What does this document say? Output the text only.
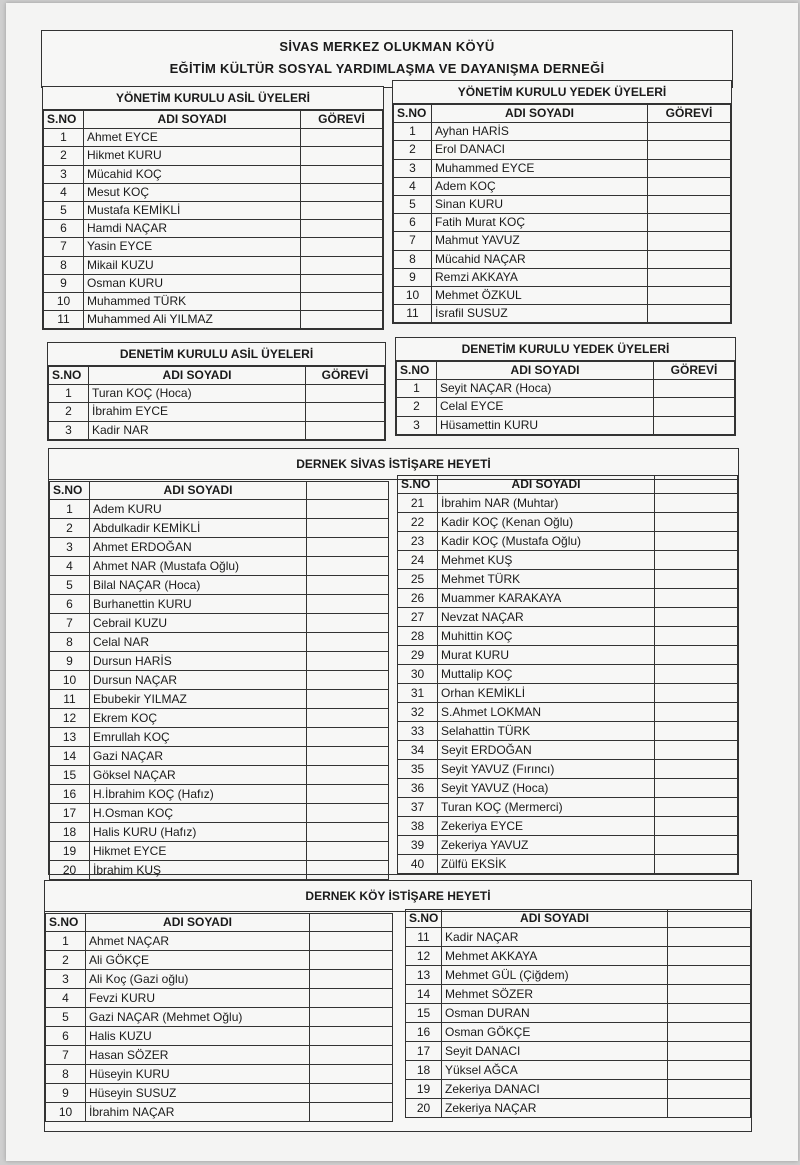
SİVAS MERKEZ OLUKMAN KÖYÜ
EĞİTİM KÜLTÜR SOSYAL YARDIMLAŞMA VE DAYANIŞMA DERNEĞİ
YÖNETİM KURULU ASİL ÜYELERİ
S.NO	ADI SOYADI	GÖREVİ
1	Ahmet EYCE	
2	Hikmet KURU	
3	Mücahid KOÇ	
4	Mesut KOÇ	
5	Mustafa KEMİKLİ	
6	Hamdi NAÇAR	
7	Yasin EYCE	
8	Mikail KUZU	
9	Osman KURU	
10	Muhammed TÜRK	
11	Muhammed Ali YILMAZ	
YÖNETİM KURULU YEDEK ÜYELERİ
S.NO	ADI SOYADI	GÖREVİ
1	Ayhan HARİS	
2	Erol DANACI	
3	Muhammed EYCE	
4	Adem KOÇ	
5	Sinan KURU	
6	Fatih Murat KOÇ	
7	Mahmut YAVUZ	
8	Mücahid NAÇAR	
9	Remzi AKKAYA	
10	Mehmet ÖZKUL	
11	İsrafil SUSUZ	
DENETİM KURULU ASİL ÜYELERİ
S.NO	ADI SOYADI	GÖREVİ
1	Turan KOÇ (Hoca)	
2	İbrahim EYCE	
3	Kadir NAR	
DENETİM KURULU YEDEK ÜYELERİ
S.NO	ADI SOYADI	GÖREVİ
1	Seyit NAÇAR (Hoca)	
2	Celal EYCE	
3	Hüsamettin KURU	
DERNEK SİVAS İSTİŞARE HEYETİ
S.NO	ADI SOYADI	
1	Adem KURU	
2	Abdulkadir KEMİKLİ	
3	Ahmet ERDOĞAN	
4	Ahmet NAR (Mustafa Oğlu)	
5	Bilal NAÇAR (Hoca)	
6	Burhanettin KURU	
7	Cebrail KUZU	
8	Celal NAR	
9	Dursun HARİS	
10	Dursun NAÇAR	
11	Ebubekir YILMAZ	
12	Ekrem KOÇ	
13	Emrullah KOÇ	
14	Gazi NAÇAR	
15	Göksel NAÇAR	
16	H.İbrahim KOÇ (Hafız)	
17	H.Osman KOÇ	
18	Halis KURU (Hafız)	
19	Hikmet EYCE	
20	İbrahim KUŞ	
S.NO	ADI SOYADI	
21	İbrahim NAR (Muhtar)	
22	Kadir KOÇ (Kenan Oğlu)	
23	Kadir KOÇ (Mustafa Oğlu)	
24	Mehmet KUŞ	
25	Mehmet TÜRK	
26	Muammer KARAKAYA	
27	Nevzat NAÇAR	
28	Muhittin KOÇ	
29	Murat KURU	
30	Muttalip KOÇ	
31	Orhan KEMİKLİ	
32	S.Ahmet LOKMAN	
33	Selahattin TÜRK	
34	Seyit ERDOĞAN	
35	Seyit YAVUZ (Fırıncı)	
36	Seyit YAVUZ (Hoca)	
37	Turan KOÇ (Mermerci)	
38	Zekeriya EYCE	
39	Zekeriya YAVUZ	
40	Zülfü EKSİK	
DERNEK KÖY İSTİŞARE HEYETİ
S.NO	ADI SOYADI	
1	Ahmet NAÇAR	
2	Ali GÖKÇE	
3	Ali Koç (Gazi oğlu)	
4	Fevzi KURU	
5	Gazi NAÇAR (Mehmet Oğlu)	
6	Halis KUZU	
7	Hasan SÖZER	
8	Hüseyin KURU	
9	Hüseyin SUSUZ	
10	İbrahim NAÇAR	
S.NO	ADI SOYADI	
11	Kadir NAÇAR	
12	Mehmet AKKAYA	
13	Mehmet GÜL (Çiğdem)	
14	Mehmet SÖZER	
15	Osman DURAN	
16	Osman GÖKÇE	
17	Seyit DANACI	
18	Yüksel AĞCA	
19	Zekeriya DANACI	
20	Zekeriya NAÇAR	
